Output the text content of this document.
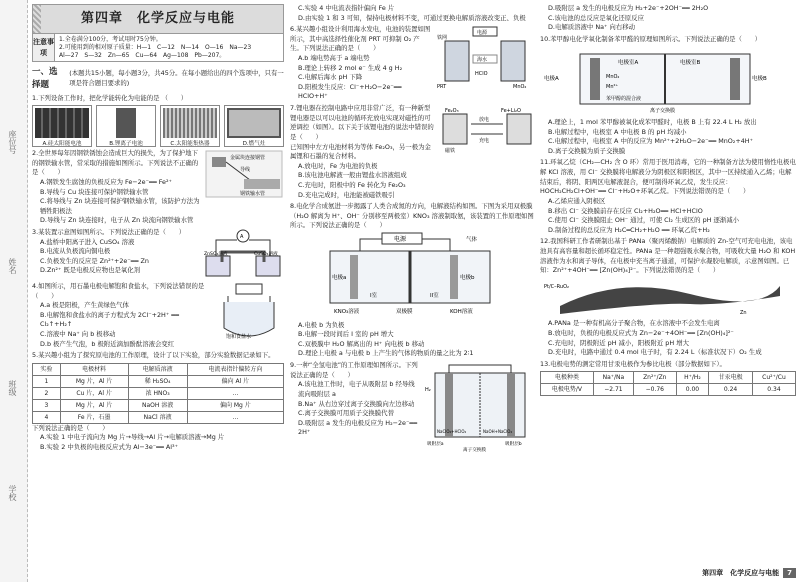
座位号
姓名
班级
学校
第四章　化学反应与电能
注意事项
1.全卷满分100分，考试用时75分钟。
2.可能用到的相对原子质量：H—1　C—12　N—14　O—16　Na—23
Al—27　S—32　Zn—65　Cu—64　Ag—108　Pb—207。
一、选择题
(本题共15小题，每小题3分，共45分。在每小题给出的四个选项中，只有一项是符合题目要求的)
1.下列设备工作时，把化学能转化为电能的是 （　　）
A.硅太阳能电池	B.锂离子电池	C.太阳能集热器	D.燃气灶
2.全世界每年因钢铁锈蚀会造成巨大的损失，为了保护地下的钢铁输水管，常采取的措施如图所示。下列说法不正确的是（　　）
A.钢铁发生腐蚀的负极反应为 Fe−2e⁻══ Fe²⁺
B.导线与 Cu 块连接可保护钢铁输水管
C.将导线与 Zn 块连接可保护钢铁输水管，该防护方法为牺牲阳极法
D.导线与 Zn 块连接时，电子从 Zn 块流向钢铁输水管
金属块连接钢管
导线
钢铁输水管
3.某装置示意图如图所示。下列说法正确的是（　　）
A.盐桥中阳离子进入 CuSO₄ 溶液
B.电流从负极流向铜电极
C.负极发生的反应是 Zn²⁺+2e⁻══ Zn
D.Zn²⁺ 既是电极反应物也是氧化剂
A
ZnSO₄溶液	CuSO₄溶液
4.如图所示，用石墨电极电解饱和食盐水，下列说法错误的是（　　）
A.a 极是阳极，产生黄绿色气体
B.电解饱和食盐水的离子方程式为 2Cl⁻+2H⁺ ══ Cl₂↑+H₂↑
C.溶液中 Na⁺ 向 b 极移动
D.b 极产生气泡，b 极附近滴加酚酞溶液会变红
饱和食盐水
5.某兴趣小组为了探究原电池的工作原理，设计了以下实验，部分实验数据记录如下。
实验	电极材料	电解质溶液	电流表指针偏转方向
1	Mg 片，Al 片	稀 H₂SO₄	偏向 Al 片
2	Cu 片，Al 片	浓 HNO₃	...
3	Mg 片，Al 片	NaOH 溶液	偏向 Mg 片
4	Fe 片，石墨	NaCl 溶液	...
下列说法正确的是（　　）
A.实验 1 中电子流向为 Mg 片→导线→Al 片→电解质溶液→Mg 片
B.实验 2 中负极的电极反应式为 Al−3e⁻══ Al³⁺
C.实验 4 中电流表指针偏向 Fe 片
D.由实验 1 和 3 可知，保持电极材料不变，可通过更换电解质溶液改变正、负极
6.某兴趣小组设计利用海水发电，电池的装置如图所示，其中高选择性催化剂 PRT 可抑制 O₂ 产生。下列说法正确的是（　　）
A.b 端电势高于 a 端电势
B.理论上转移 2 mol e⁻ 生成 4 g H₂
C.电解后海水 pH 下降
D.阳极发生反应：Cl⁻+H₂O−2e⁻══ HClO+H⁺
电源
海水
铁网
PRT	MnO₂
HClO
7.锂电器在控制电路中应用非常广泛，有一种新型锂电器是以可以电池的循环充放电实现对磁性的可逆调控（如图）。以下关于该锂电池的说法中错误的是（　　）
已知图中左方电池材料为等体 Fe₂O₃，另一极为金属锂和石墨的复合材料。
A.放电时，Fe 为电池的负极
B.该电池电解液一般由锂盐水溶液组成
C.充电时，阳极中的 Fe 转化为 Fe₂O₃
D.充电完成时，电池能被磁铁吸引
放电
充电
磁铁
Fe₂O₃	Fe+Li₂O
8.电化学合成氨进一步揭露了人类合成氮的方向，电解液结构如图。下图为采用双极膜（H₂O 解离为 H⁺、OH⁻ 分别移至两极室）KNO₃ 溶液制取氨，该装置的工作原理如图所示。下列说法正确的是（　　）
电源	气体
电极a	电极b
I室	II室
双极膜
KNO₃溶液	KOH溶液
A.电极 b 为负极
B.电解一段时间后 I 室的 pH 增大
C.双极膜中 H₂O 解离出的 H⁺ 向电极 b 移动
D.理论上电极 a 与电极 b 上产生的气体的物质的量之比为 2∶1
9.一种“全氢电池”的工作原理如图所示。下列说法正确的是（　　）
A.该电池工作时，电子从吸附层 b 经导线流向吸附层 a
B.Na⁺ 从右边穿过离子交换膜向左边移动
C.离子交换膜可用质子交换膜代替
D.吸附层 a 发生的电极反应为 H₂−2e⁻══ 2H⁺
H₂
吸附层a
离子交换膜
吸附层b
NaClO₄+HClO₄	NaOH+NaClO₄
D.吸附层 a 发生的电极反应为 H₂+2e⁻+2OH⁻══ 2H₂O
C.该电池的总反应是氧化还原反应
D.电解质溶液中 Na⁺ 向右移动
10.苯甲醇电化学氧化制备苯甲醛的原理如图所示。下列说法正确的是（　　）
电极A	电极B
电极室A	电极室B
MnO₂
Mn²⁺
苯甲醇的混合液
离子交换膜
A.理论上，1 mol 苯甲醇被氧化成苯甲醛时，电极 B 上有 22.4 L H₂ 放出
B.电解过程中，电极室 A 中电极 B 的 pH 均减小
C.电解过程中，电极室 A 中的反应为 Mn²⁺+2H₂O−2e⁻══ MnO₂+4H⁺
D.离子交换膜为质子交换膜
11.环氧乙烷（CH₂—CH₂ 含 O 环）常用于医用消毒，它的一种制备方法为使用惰性电极电解 KCl 溶液，用 Cl⁻ 交换膜将电解液分为阴极区和阳极区，其中一区持续通入乙烯；电解结束后，将阴、阳两区电解液混合，便可制得环氧乙烷，发生反应：HOCH₂CH₂Cl+OH⁻══ Cl⁻+H₂O+环氧乙烷。下列说法错误的是（　　）
A.乙烯应通入阴极区
B.移出 Cl⁻ 交换膜前存在反应 Cl₂+H₂O══ HCl+HClO
C.使用 Cl⁻ 交换膜阻止 OH⁻ 通过，可使 Cl₂ 生成区的 pH 逐渐减小
D.制备过程的总反应为 H₂C═CH₂+H₂O ══ 环氧乙烷+H₂
12.我国科研工作者研制出基于 PANa（聚丙烯酸钠）电解质的 Zn-空气可充电电池，该电池具有高容量和超长循环稳定性。PANa 是一种超强吸水聚合物，可吸收大量 H₂O 和 KOH 溶液作为水和离子导体，在电极中充当离子通道，可保护水凝胶电解质，示意图如图。已知：Zn²⁺+4OH⁻══ [Zn(OH)₄]²⁻。下列说法错误的是（　　）
Pt/C–RuO₂
Zn
A.PANa 是一种有机高分子聚合物，在水溶液中不会发生电离
B.放电时，负极的电极反应式为 Zn−2e⁻+4OH⁻══ [Zn(OH)₄]²⁻
C.充电时，阴极附近 pH 减小，阳极附近 pH 增大
D.充电时，电路中通过 0.4 mol 电子时，有 2.24 L（标准状况下）O₂ 生成
13.电极电势的测定常用甘汞电极作为参比电极（部分数据如下）。
电极种类	Na⁺/Na	Zn²⁺/Zn	H⁺/H₂	甘汞电极	Cu²⁺/Cu
电极电势/V	−2.71	−0.76	0.00	0.24	0.34
第四章　化学反应与电能	7
